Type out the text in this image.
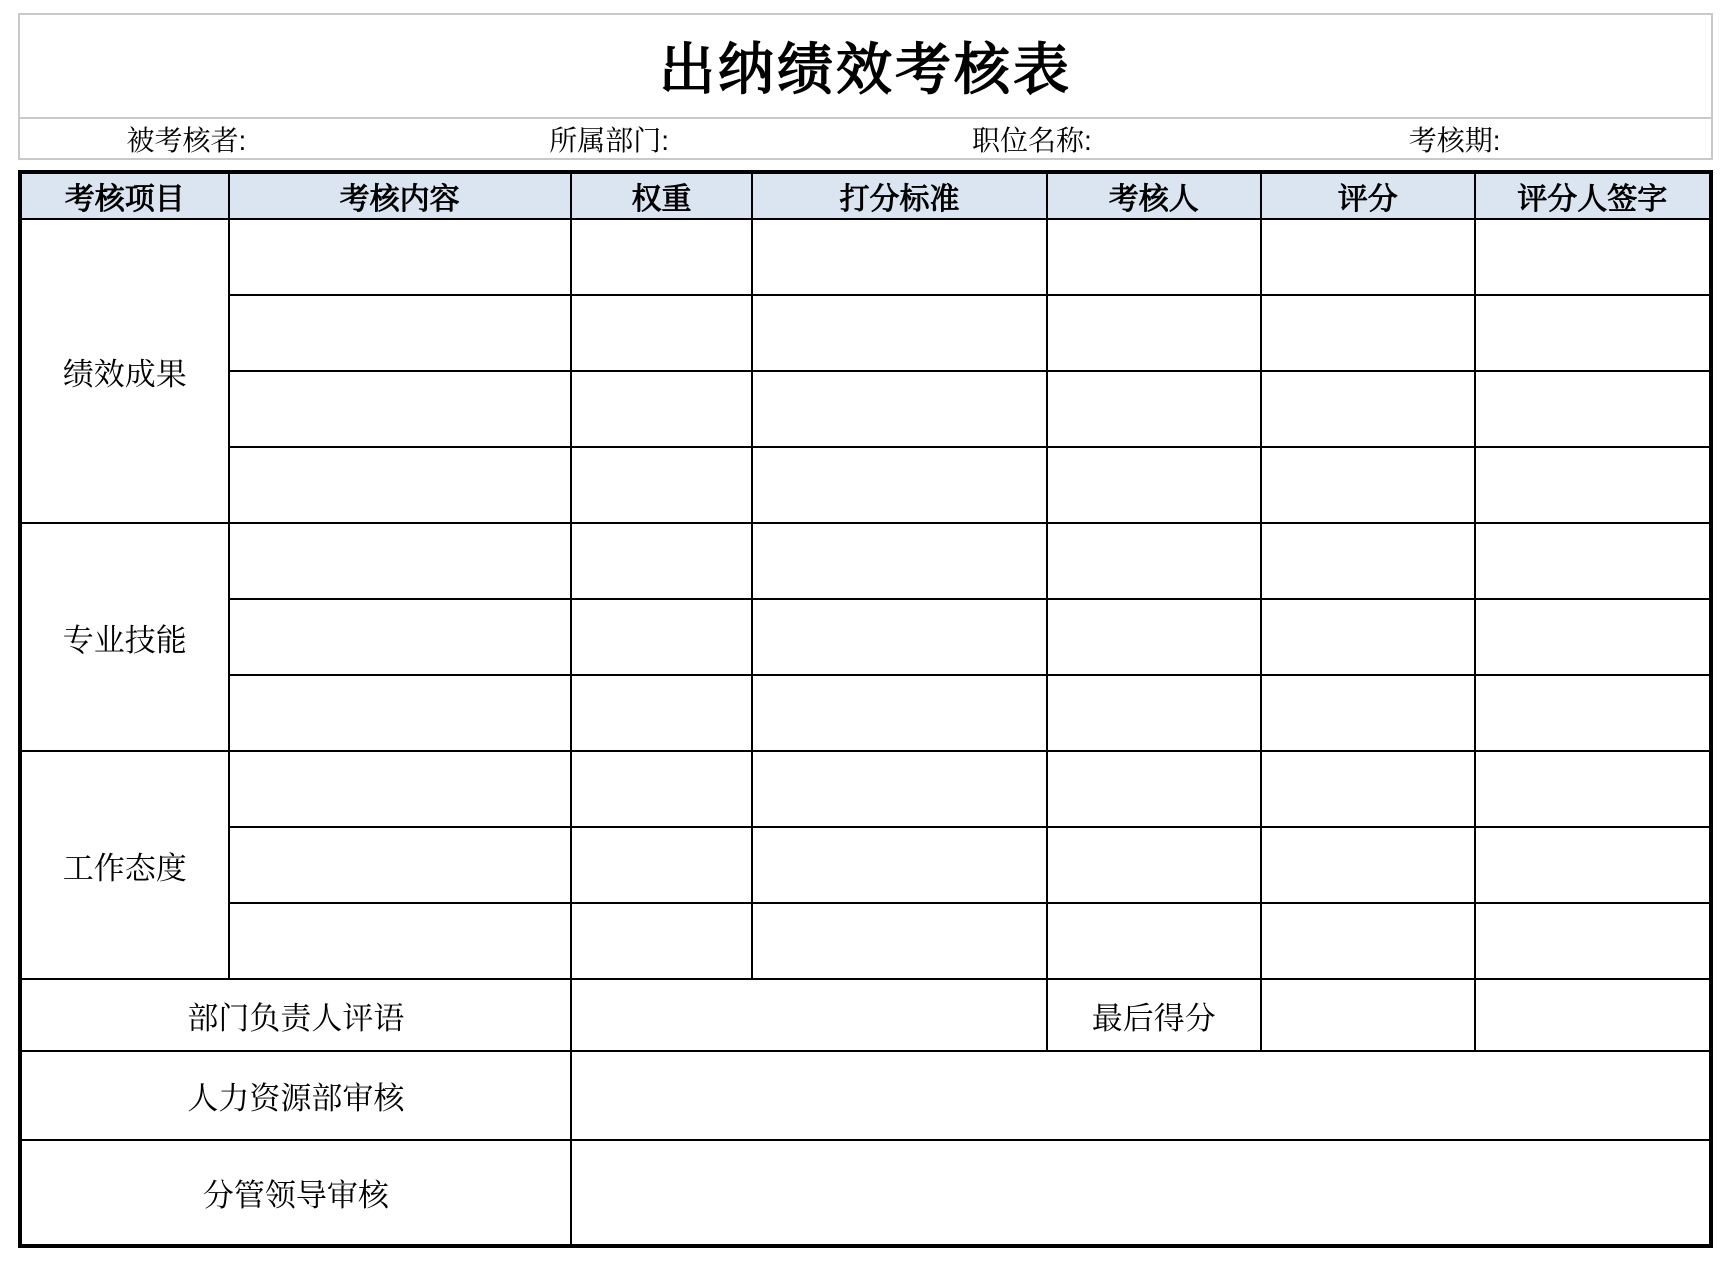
出纳绩效考核表
被考核者:	所属部门:	职位名称:	考核期:
考核项目	考核内容	权重	打分标准	考核人	评分	评分人签字
绩效成果						

专业技能						

工作态度						

部门负责人评语				最后得分		
人力资源部审核						
分管领导审核						
